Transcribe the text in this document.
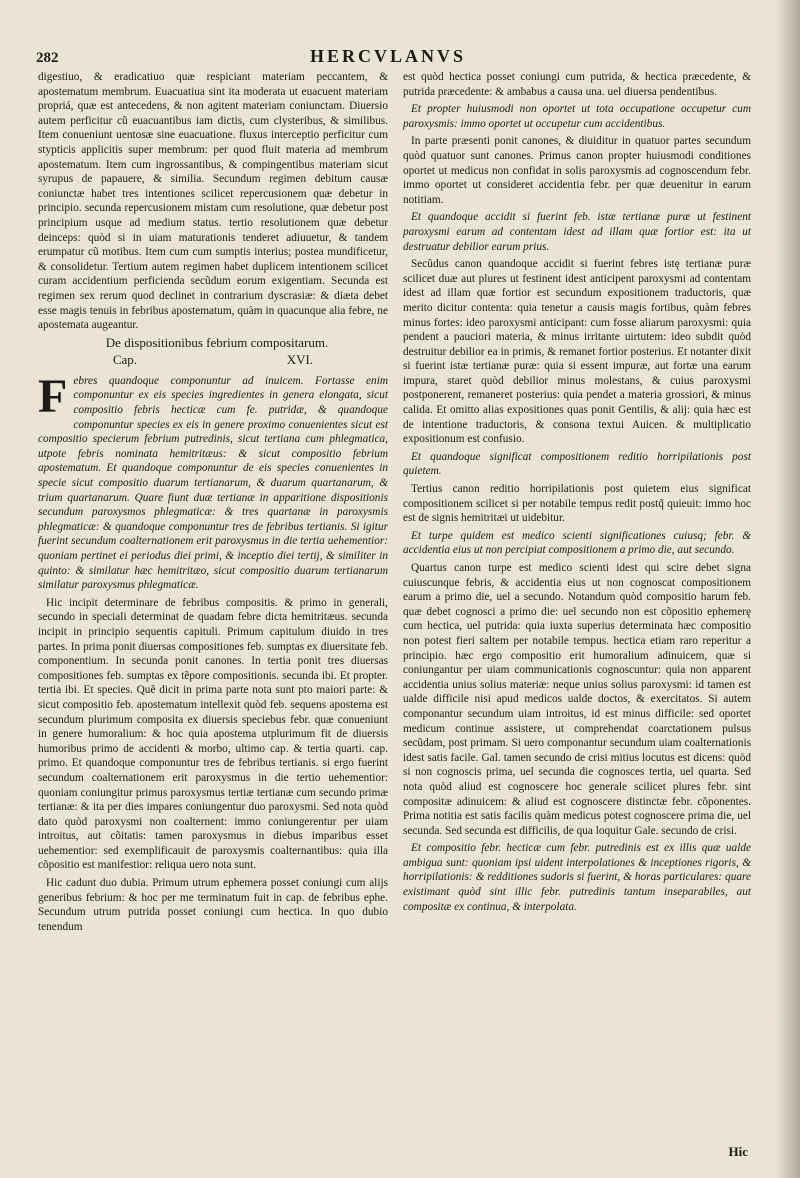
282	HERCVLANVS

digestiuo, & eradicatiuo quæ respiciant materiam peccantem, & apostematum membrum. Euacuatiua sint ita moderata ut euacuent materiam propriá, quæ est antecedens, & non agitent materiam coniunctam. Diuersio autem perficitur cũ euacuantibus iam dictis, cum clysteribus, & similibus. Item conueniunt uentosæ sine euacuatione. fluxus interceptio perficitur cum stypticis applicitis super membrum: per quod fluit materia ad membrum apostematum. Item cum ingrossantibus, & compingentibus materiam sicut syrupus de papauere, & similia. Secundum regimen debitum causæ coniunctæ habet tres intentiones scilicet repercusionem quæ debetur in principio. secunda repercusionem mistam cum resolutione, quæ debetur post principium usque ad medium status. tertio resolutionem quæ debetur deinceps: quòd si in uiam maturationis tenderet adiuuetur, & tandem erumpatur cũ motibus. Item cum cum sumptis interius; postea mundificetur, & consolidetur. Tertium autem regimen habet duplicem intentionem scilicet curam accidentium perficienda secũdum eorum exigentiam. Secunda est regimen sex rerum quod declinet in contrarium dyscrasiæ: & diæta debet esse magis tenuis in febribus apostematum, quàm in quacunque alia febre, ne apostemata augeantur.

De dispositionibus febrium compositarum.

Cap.	XVI.

Febres quandoque componuntur ad inuicem. Fortasse enim componuntur ex eis species ingredientes in genera elongata, sicut compositio febris hecticæ cum fe. putridæ, & quandoque componuntur species ex eis in genere proximo conuenientes sicut est compositio specierum febrium putredinis, sicut tertiana cum phlegmatica, utpote febris nominata hemitritæus: & sicut compositio febrium apostematum. Et quandoque componuntur de eis species conuenientes in specie sicut compositio duarum tertianarum, & duarum quartanarum, & trium quartanarum. Quare fiunt duæ tertianæ in apparitione dispositionis secundum paroxysmos phlegmaticæ: & tres quartanæ in paroxysmis phlegmaticæ: & quandoque componuntur tres de febribus tertianis. Si igitur fuerint secundum coalternationem erit paroxysmus in die tertia uehementior: quoniam pertinet ei periodus diei primi, & inceptio diei tertij, & similiter in quinto: & similatur hæc hemitritæo, sicut compositio duarum tertianarum similatur paroxysmus phlegmaticæ.

Hic incipit determinare de febribus compositis. & primo in generali, secundo in speciali determinat de quadam febre dicta hemitritæus. secunda incipit in principio sequentis capituli. Primum capitulum diuido in tres partes. In prima ponit diuersas compositiones feb. sumptas ex diuersitate feb. componentium. In secunda ponit canones. In tertia ponit tres diuersas compositiones feb. sumptas ex tẽpore compositionis. secunda ibi. Et propter. tertia ibi. Et species. Quẽ dicit in prima parte nota sunt pto maiori parte: & sicut compositio feb. apostematum intellexit quòd feb. sequens apostema est secundum plurimum composita ex diuersis speciebus febr. quæ conueniunt in genere humoralium: & hoc quia apostema utplurimum fit de diuersis humoribus primo de accidenti & morbo, ultimo cap. & tertia quarti. cap. primo. Et quandoque componuntur tres de febribus tertianis. si ergo fuerint secundum coalternationem erit paroxysmus in die tertio uehementior: quoniam coniungitur primus paroxysmus tertiæ tertianæ cum secundo primæ tertianæ: & ita per dies impares coniungentur duo paroxysmi. Sed nota quòd dato quòd paroxysmi non coalternent: immo coniungerentur per uiam introitus, aut cõitatis: tamen paroxysmus in diebus imparibus esset uehementior: sed exemplificauit de paroxysmis coalternantibus: quia illa cõpositio est manifestior: reliqua uero nota sunt.

Hic cadunt duo dubia. Primum utrum ephemera posset coniungi cum alijs generibus febrium: & hoc per me terminatum fuit in cap. de febribus ephe. Secundum utrum putrida posset coniungi cum hectica. In quo dubio tenendum

est quòd hectica posset coniungi cum putrida, & hectica præcedente, & putrida præcedente: & ambabus a causa una. uel diuersa pendentibus.

Et propter huiusmodi non oportet ut tota occupatione occupetur cum paroxysmis: immo oportet ut occupetur cum accidentibus.

In parte præsenti ponit canones, & diuiditur in quatuor partes secundum quòd quatuor sunt canones. Primus canon propter huiusmodi conditiones oportet ut medicus non confidat in solis paroxysmis ad cognoscendum febr. immo oportet ut consideret accidentia febr. per quæ deuenitur in earum notitiam.

Et quandoque accidit si fuerint feb. istæ tertianæ puræ ut festinent paroxysmi earum ad contentam idest ad illam quæ fortior est: ita ut destruatur debilior earum prius.

Secũdus canon quandoque accidit si fuerint febres istę tertianæ puræ scilicet duæ aut plures ut festinent idest anticipent paroxysmi ad contentam idest ad illam quæ fortior est secundum expositionem traductoris, quæ merito dicitur contenta: quia tenetur a causis magis fortibus, quàm febres minus fortes: ideo paroxysmi anticipant: cum fosse aliarum paroxysmi: quia pendent a pauciori materia, & minus irritante uirtutem: ideo subdit quòd destruitur debilior ea in primis, & remanet fortior posterius. Et notanter dixit si fuerint istæ tertianæ puræ: quia si essent impuræ, aut fortæ una earum impura, staret quòd debilior minus molestans, & cuius paroxysmi postponerent, remaneret posterius: quia pendet a materia grossiori, & minus calida. Et omitto alias expositiones quas ponit Gentilis, & alij: quia hæc est de intentione traductoris, & consona textui Auicen. & multiplicatio expositionum est confusio.

Et quandoque significat compositionem reditio horripilationis post quietem.

Tertius canon reditio horripilationis post quietem eius significat compositionem scilicet si per notabile tempus redit postq̃ quieuit: immo hoc est de signis hemitritæi ut uidebitur.

Et turpe quidem est medico scienti significationes cuiusq; febr. & accidentia eius ut non percipiat compositionem a primo die, aut secundo.

Quartus canon turpe est medico scienti idest qui scire debet signa cuiuscunque febris, & accidentia eius ut non cognoscat compositionem earum a primo die, uel a secundo. Notandum quòd compositio harum feb. quæ debet cognosci a primo die: uel secundo non est cõpositio ephemerę cum hectica, uel putrida: quia iuxta superius determinata hæc compositio non potest fieri saltem per notabile tempus. hectica etiam raro reperitur a principio. hæc ergo compositio erit humoralium adinuicem, quæ si coniungantur per uiam communicationis cognoscuntur: quia non apparent accidentia unius solius materiæ: neque unius solius paroxysmi: id tamen est ualde difficile nisi apud medicos ualde doctos, & exercitatos. Si autem componantur secundum uiam introitus, id est minus difficile: sed oportet medicum continue assistere, ut comprehendat coarctationem pulsus secũdam, post primam. Si uero componantur secundum uiam coalternationis idest satis facile. Gal. tamen secundo de crisi mitius locutus est dicens: quòd si non cognoscis prima, uel secunda die cognosces tertia, uel quarta. Sed nota quòd aliud est cognoscere hoc generale scilicet plures febr. sint compositæ adinuicem: & aliud est cognoscere distinctæ febr. cõponentes. Prima notitia est satis facilis quàm medicus potest cognoscere prima die, uel secunda. Sed secunda est difficilis, de qua loquitur Gale. secundo de crisi.

Et compositio febr. hecticæ cum febr. putredinis est ex illis quæ ualde ambigua sunt: quoniam ipsi uident interpolationes & inceptiones rigoris, & horripilationis: & redditiones sudoris si fuerint, & horas particulares: quare existimant quòd sint illic febr. putredinis tantum inseparabiles, aut compositæ ex continua, & interpolata.

Hic
